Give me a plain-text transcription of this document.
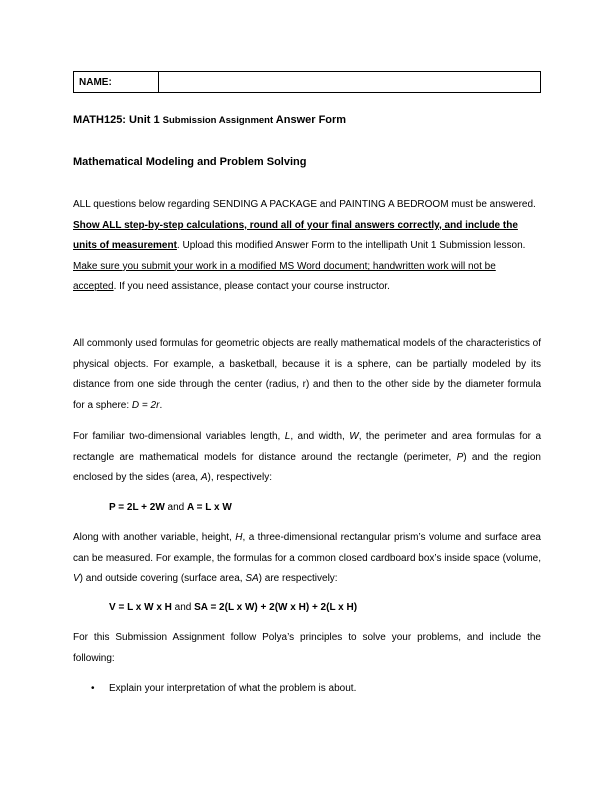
NAME:	
MATH125: Unit 1 Submission Assignment Answer Form
Mathematical Modeling and Problem Solving
ALL questions below regarding SENDING A PACKAGE and PAINTING A BEDROOM must be answered. Show ALL step-by-step calculations, round all of your final answers correctly, and include the units of measurement. Upload this modified Answer Form to the intellipath Unit 1 Submission lesson. Make sure you submit your work in a modified MS Word document; handwritten work will not be accepted. If you need assistance, please contact your course instructor.
All commonly used formulas for geometric objects are really mathematical models of the characteristics of physical objects. For example, a basketball, because it is a sphere, can be partially modeled by its distance from one side through the center (radius, r) and then to the other side by the diameter formula for a sphere: D = 2r.
For familiar two-dimensional variables length, L, and width, W, the perimeter and area formulas for a rectangle are mathematical models for distance around the rectangle (perimeter, P) and the region enclosed by the sides (area, A), respectively:
P = 2L + 2W and A = L x W
Along with another variable, height, H, a three-dimensional rectangular prism’s volume and surface area can be measured. For example, the formulas for a common closed cardboard box’s inside space (volume, V) and outside covering (surface area, SA) are respectively:
V = L x W x H and SA = 2(L x W) + 2(W x H) + 2(L x H)
For this Submission Assignment follow Polya’s principles to solve your problems, and include the following:
• Explain your interpretation of what the problem is about.
